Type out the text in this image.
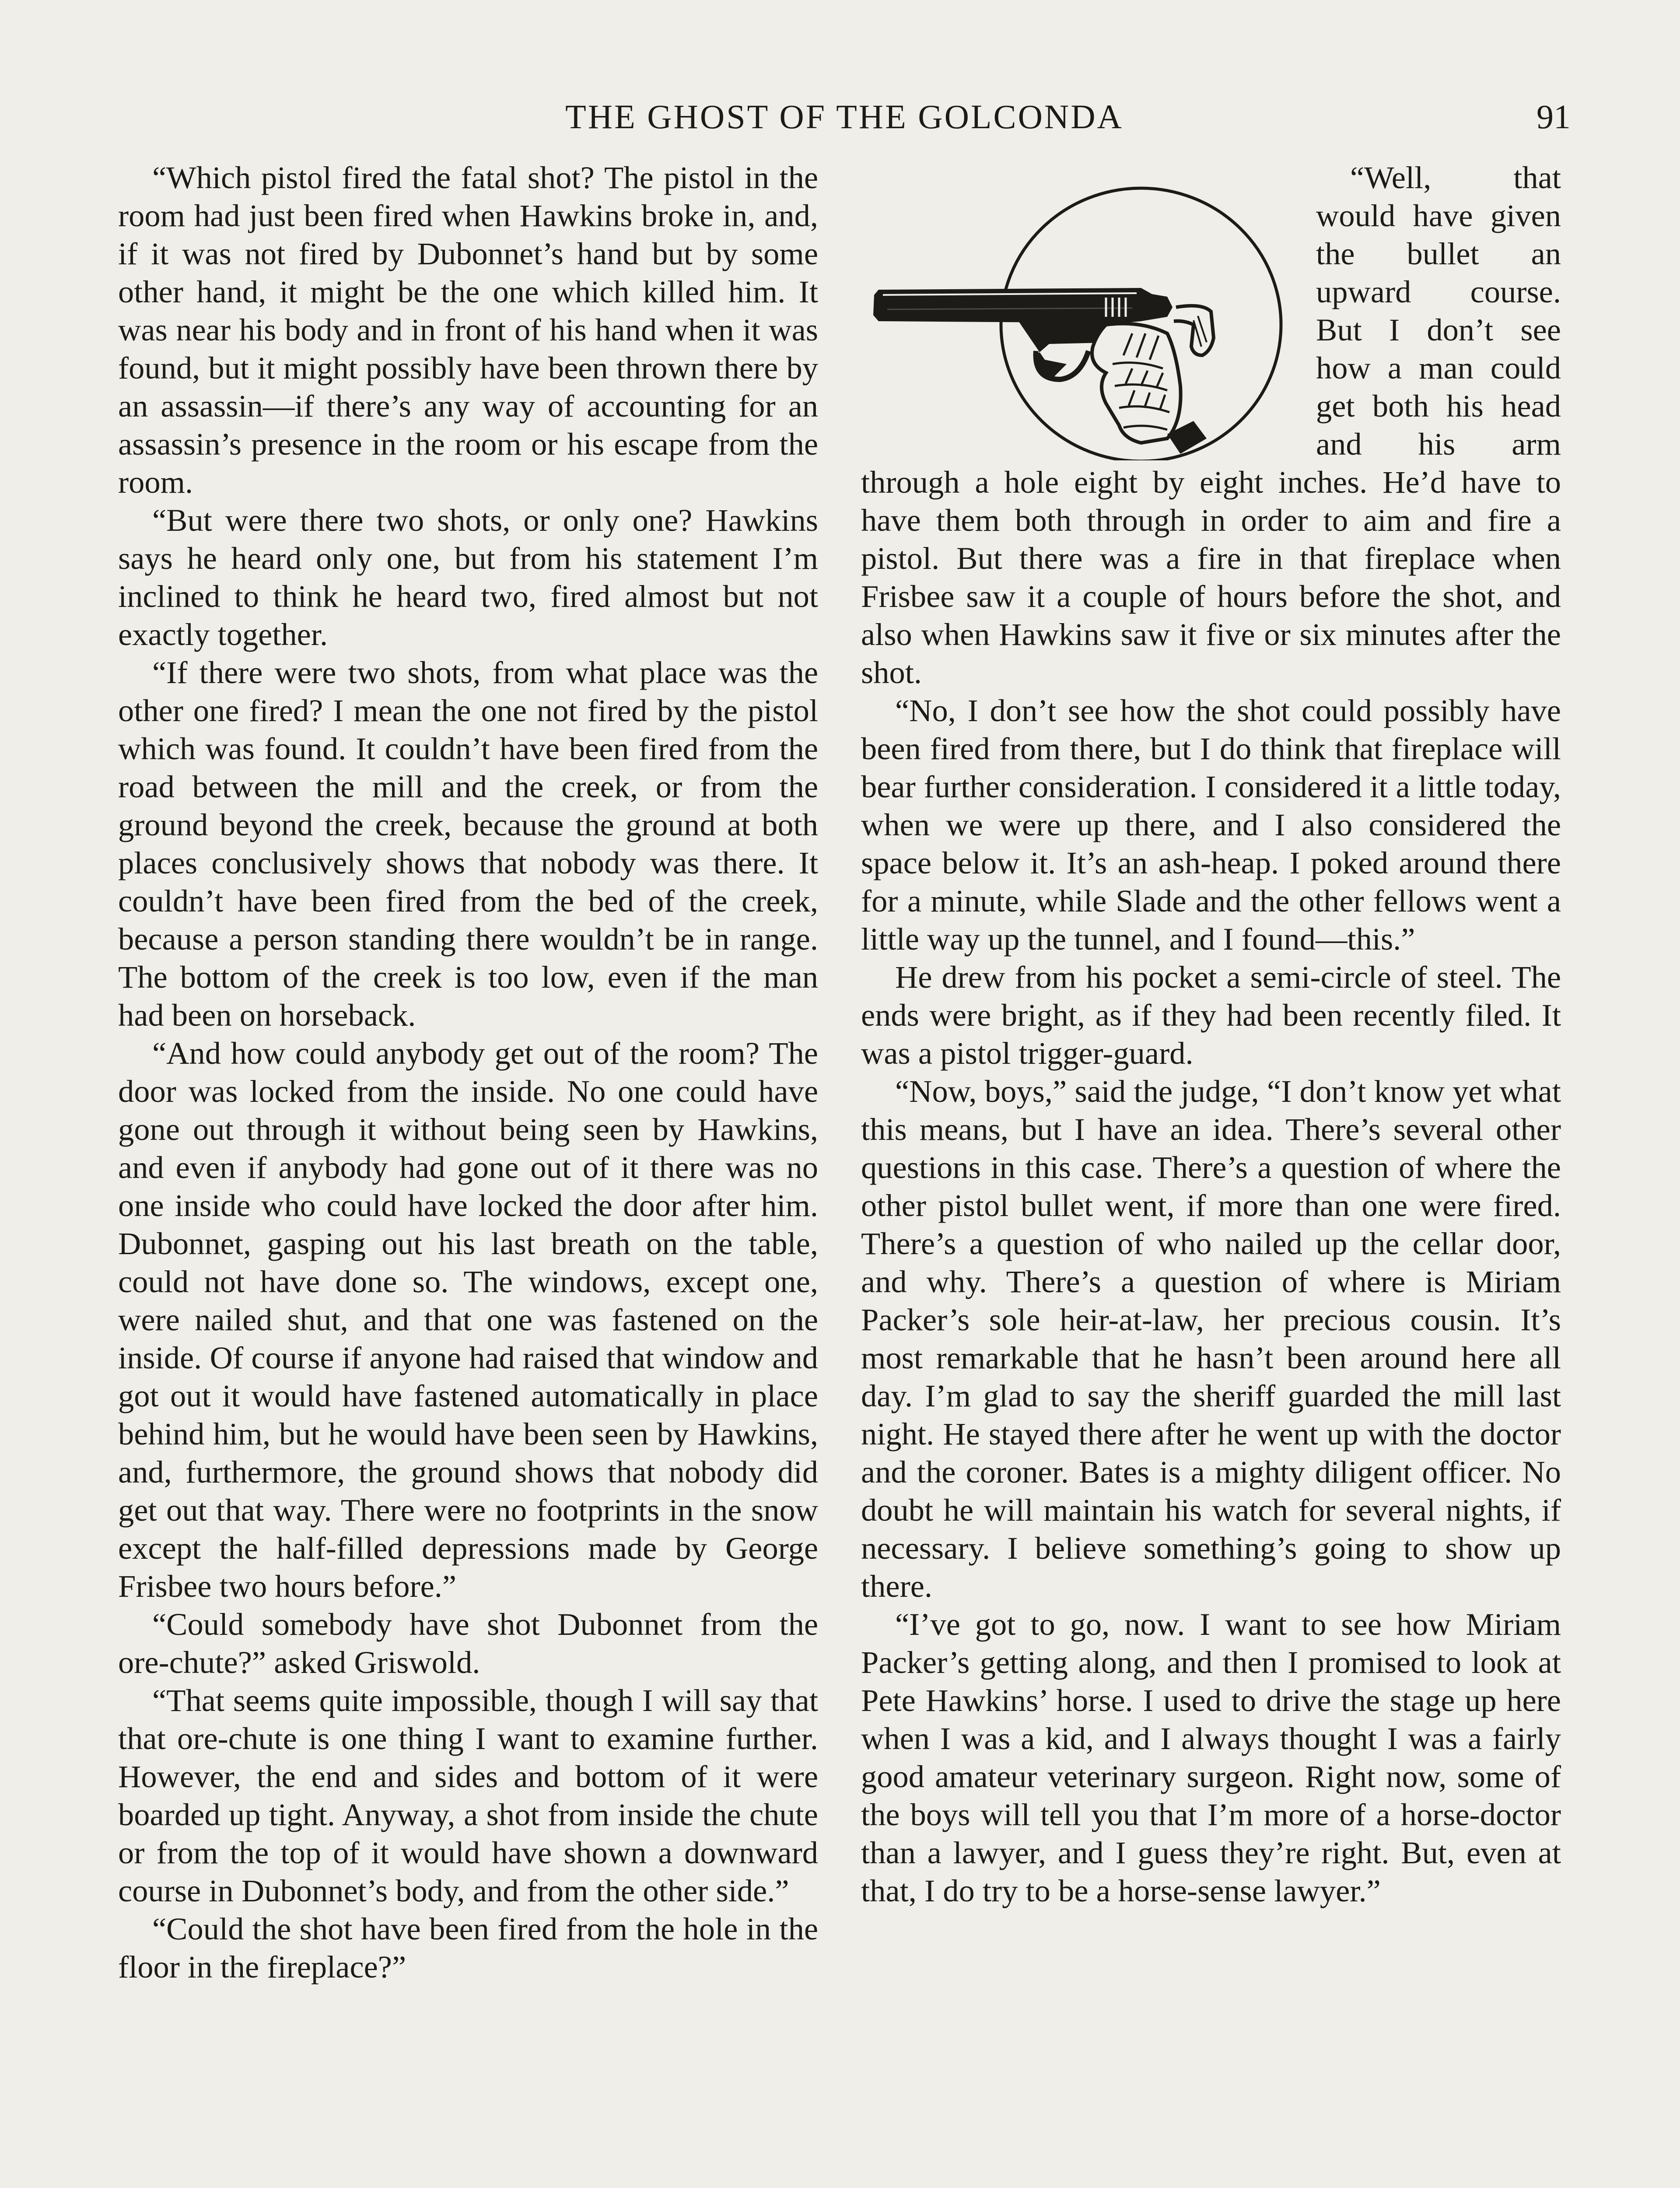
THE GHOST OF THE GOLCONDA	91

“Which pistol fired the fatal shot? The pistol in the room had just been fired when Hawkins broke in, and, if it was not fired by Dubonnet’s hand but by some other hand, it might be the one which killed him. It was near his body and in front of his hand when it was found, but it might possibly have been thrown there by an assassin—if there’s any way of accounting for an assassin’s presence in the room or his escape from the room.

“But were there two shots, or only one? Hawkins says he heard only one, but from his statement I’m inclined to think he heard two, fired almost but not exactly together.

“If there were two shots, from what place was the other one fired? I mean the one not fired by the pistol which was found. It couldn’t have been fired from the road between the mill and the creek, or from the ground beyond the creek, because the ground at both places conclusively shows that nobody was there. It couldn’t have been fired from the bed of the creek, because a person standing there wouldn’t be in range. The bottom of the creek is too low, even if the man had been on horseback.

“And how could anybody get out of the room? The door was locked from the inside. No one could have gone out through it without being seen by Hawkins, and even if anybody had gone out of it there was no one inside who could have locked the door after him. Dubonnet, gasping out his last breath on the table, could not have done so. The windows, except one, were nailed shut, and that one was fastened on the inside. Of course if anyone had raised that window and got out it would have fastened automatically in place behind him, but he would have been seen by Hawkins, and, furthermore, the ground shows that nobody did get out that way. There were no footprints in the snow except the half-filled depressions made by George Frisbee two hours before.”

“Could somebody have shot Dubonnet from the ore-chute?” asked Griswold.

“That seems quite impossible, though I will say that that ore-chute is one thing I want to examine further. However, the end and sides and bottom of it were boarded up tight. Anyway, a shot from inside the chute or from the top of it would have shown a downward course in Dubonnet’s body, and from the other side.”

“Could the shot have been fired from the hole in the floor in the fireplace?”

“Well, that would have given the bullet an upward course. But I don’t see how a man could get both his head and his arm through a hole eight by eight inches. He’d have to have them both through in order to aim and fire a pistol. But there was a fire in that fireplace when Frisbee saw it a couple of hours before the shot, and also when Hawkins saw it five or six minutes after the shot.

“No, I don’t see how the shot could possibly have been fired from there, but I do think that fireplace will bear further consideration. I considered it a little today, when we were up there, and I also considered the space below it. It’s an ash-heap. I poked around there for a minute, while Slade and the other fellows went a little way up the tunnel, and I found—this.”

He drew from his pocket a semi-circle of steel. The ends were bright, as if they had been recently filed. It was a pistol trigger-guard.

“Now, boys,” said the judge, “I don’t know yet what this means, but I have an idea. There’s several other questions in this case. There’s a question of where the other pistol bullet went, if more than one were fired. There’s a question of who nailed up the cellar door, and why. There’s a question of where is Miriam Packer’s sole heir-at-law, her precious cousin. It’s most remarkable that he hasn’t been around here all day. I’m glad to say the sheriff guarded the mill last night. He stayed there after he went up with the doctor and the coroner. Bates is a mighty diligent officer. No doubt he will maintain his watch for several nights, if necessary. I believe something’s going to show up there.

“I’ve got to go, now. I want to see how Miriam Packer’s getting along, and then I promised to look at Pete Hawkins’ horse. I used to drive the stage up here when I was a kid, and I always thought I was a fairly good amateur veterinary surgeon. Right now, some of the boys will tell you that I’m more of a horse-doctor than a lawyer, and I guess they’re right. But, even at that, I do try to be a horse-sense lawyer.”
